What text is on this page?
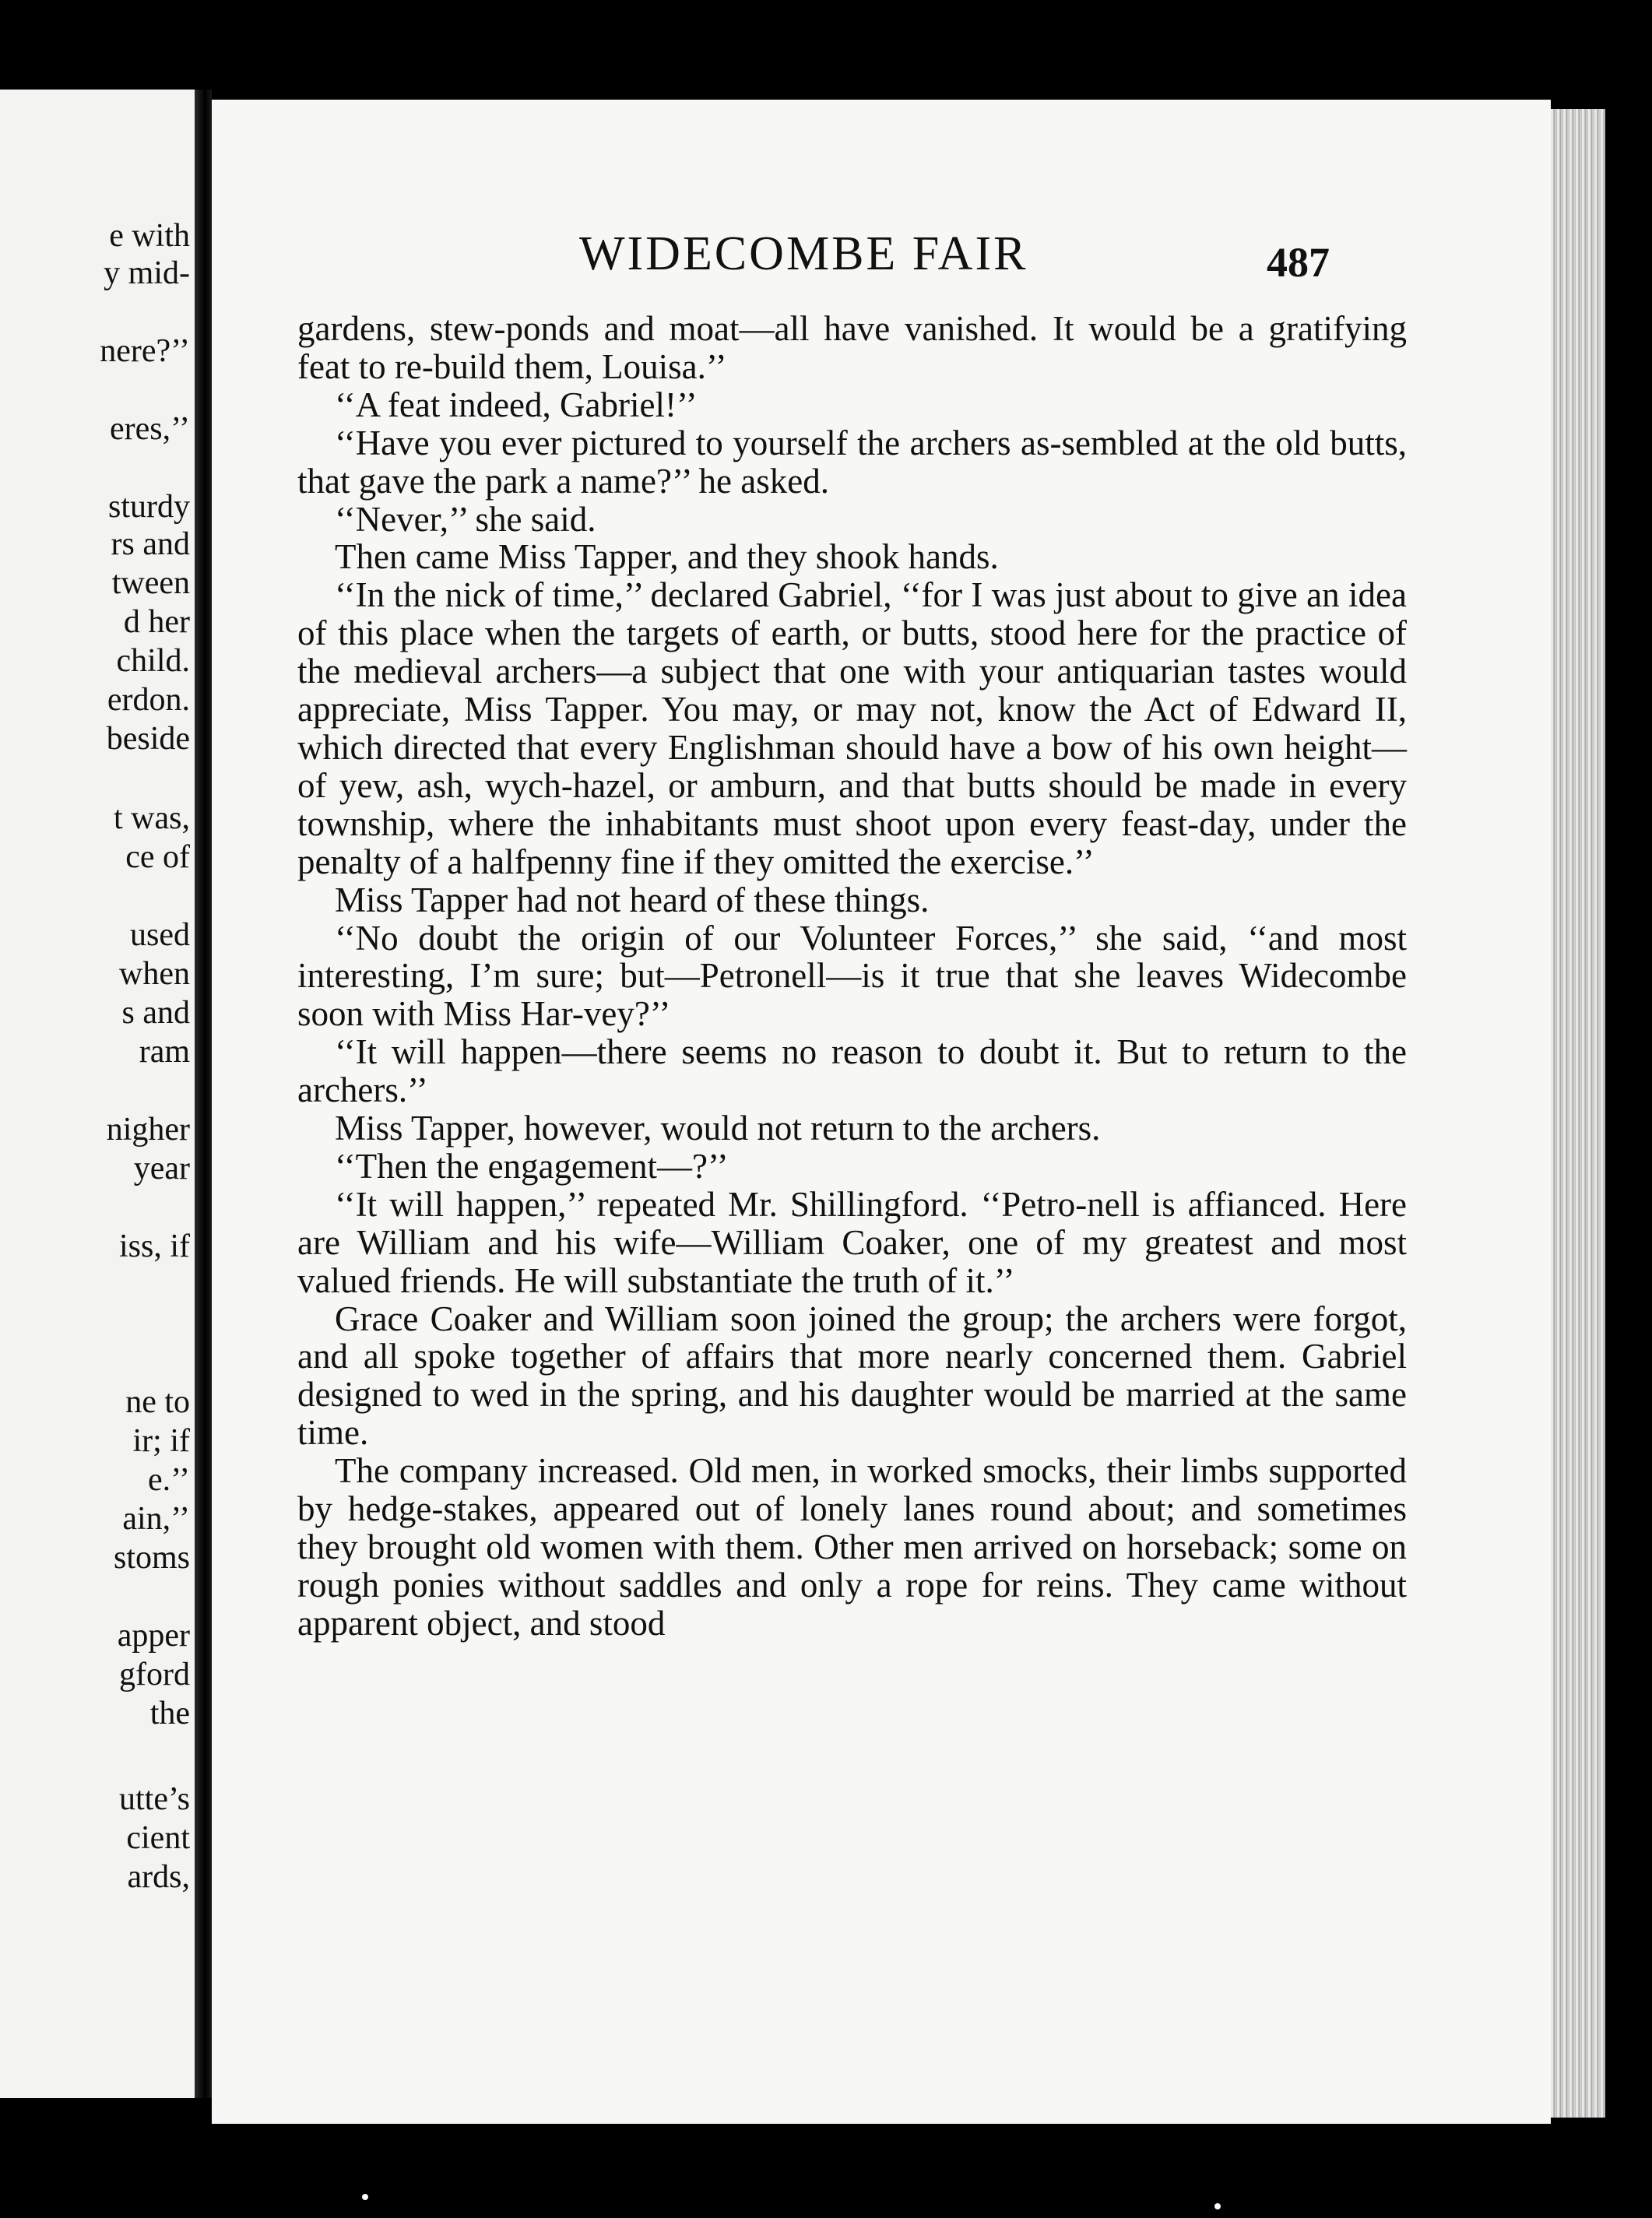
e with
y mid-
nere?’’
eres,’’
sturdy
rs and
tween
d her
child.
erdon.
beside
t was,
ce of
used
when
s and
ram
nigher
year
iss, if
ne to
ir; if
e.’’
ain,’’
stoms
apper
gford
the
utte’s
cient
ards,
WIDECOMBE FAIR	487

gardens, stew-ponds and moat—all have vanished. It would be a gratifying feat to re-build them, Louisa.’’

‘‘A feat indeed, Gabriel!’’

‘‘Have you ever pictured to yourself the archers as-sembled at the old butts, that gave the park a name?’’ he asked.

‘‘Never,’’ she said.

Then came Miss Tapper, and they shook hands.

‘‘In the nick of time,’’ declared Gabriel, ‘‘for I was just about to give an idea of this place when the targets of earth, or butts, stood here for the practice of the medieval archers—a subject that one with your antiquarian tastes would appreciate, Miss Tapper. You may, or may not, know the Act of Edward II, which directed that every Englishman should have a bow of his own height—of yew, ash, wych-hazel, or amburn, and that butts should be made in every township, where the inhabitants must shoot upon every feast-day, under the penalty of a halfpenny fine if they omitted the exercise.’’

Miss Tapper had not heard of these things.

‘‘No doubt the origin of our Volunteer Forces,’’ she said, ‘‘and most interesting, I’m sure; but—Petronell—is it true that she leaves Widecombe soon with Miss Har-vey?’’

‘‘It will happen—there seems no reason to doubt it. But to return to the archers.’’

Miss Tapper, however, would not return to the archers.

‘‘Then the engagement—?’’

‘‘It will happen,’’ repeated Mr. Shillingford. ‘‘Petro-nell is affianced. Here are William and his wife—William Coaker, one of my greatest and most valued friends. He will substantiate the truth of it.’’

Grace Coaker and William soon joined the group; the archers were forgot, and all spoke together of affairs that more nearly concerned them. Gabriel designed to wed in the spring, and his daughter would be married at the same time.

The company increased. Old men, in worked smocks, their limbs supported by hedge-stakes, appeared out of lonely lanes round about; and sometimes they brought old women with them. Other men arrived on horseback; some on rough ponies without saddles and only a rope for reins. They came without apparent object, and stood
